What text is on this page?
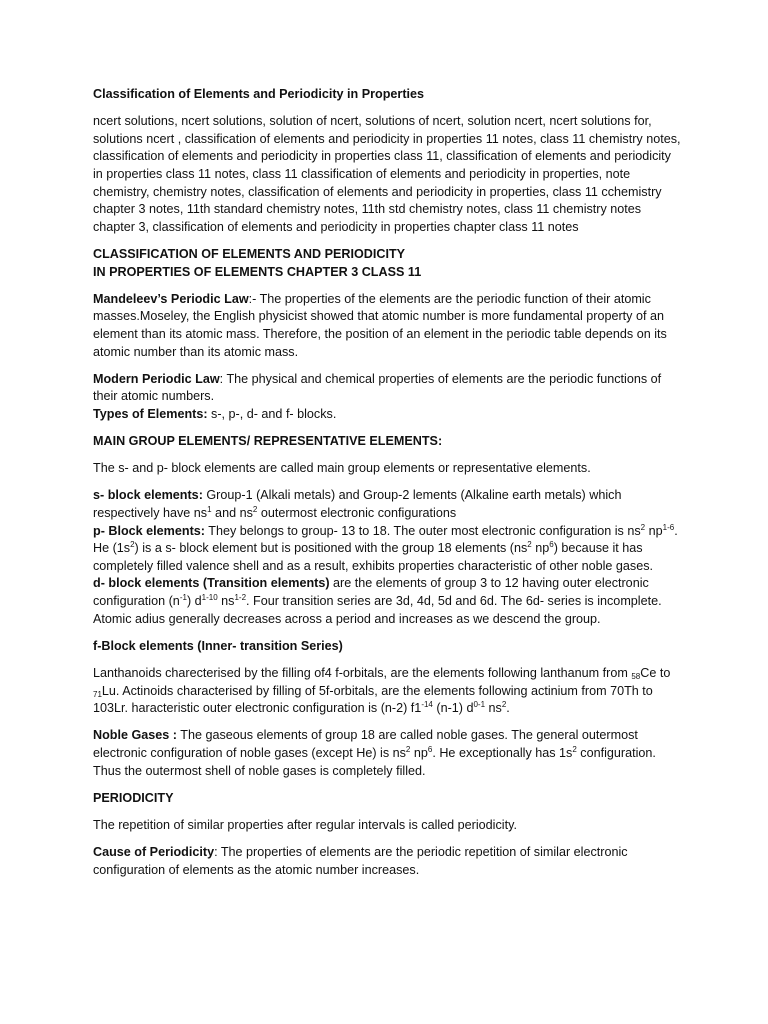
Classification of Elements and Periodicity in Properties

ncert solutions, ncert solutions, solution of ncert, solutions of ncert, solution ncert, ncert solutions for, solutions ncert , classification of elements and periodicity in properties 11 notes, class 11 chemistry notes, classification of elements and periodicity in properties class 11, classification of elements and periodicity in properties class 11 notes, class 11 classification of elements and periodicity in properties, note chemistry, chemistry notes, classification of elements and periodicity in properties, class 11 cchemistry chapter 3 notes, 11th standard chemistry notes, 11th std chemistry notes, class 11 chemistry notes chapter 3, classification of elements and periodicity in properties chapter class 11 notes

CLASSIFICATION OF ELEMENTS AND PERIODICITY
IN PROPERTIES OF ELEMENTS CHAPTER 3 CLASS 11

Mandeleev’s Periodic Law:- The properties of the elements are the periodic function of their atomic masses.Moseley, the English physicist showed that atomic number is more fundamental property of an element than its atomic mass. Therefore, the position of an element in the periodic table depends on its atomic number than its atomic mass.

Modern Periodic Law: The physical and chemical properties of elements are the periodic functions of their atomic numbers.
Types of Elements: s-, p-, d- and f- blocks.

MAIN GROUP ELEMENTS/ REPRESENTATIVE ELEMENTS:

The s- and p- block elements are called main group elements or representative elements.

s- block elements: Group-1 (Alkali metals) and Group-2 lements (Alkaline earth metals) which respectively have $ns^1$ and $ns^2$ outermost electronic configurations
p- Block elements: They belongs to group- 13 to 18. The outer most electronic configuration is $ns^2$ $np^{1-6}$. He $(1s^2)$ is a s- block element but is positioned with the group 18 elements ($ns^2$ $np^6$) because it has completely filled valence shell and as a result, exhibits properties characteristic of other noble gases.
d- block elements (Transition elements) are the elements of group 3 to 12 having outer electronic configuration $(n^{-1})$ $d^{1-10}$ $ns^{1-2}$. Four transition series are 3d, 4d, 5d and 6d. The 6d- series is incomplete. Atomic adius generally decreases across a period and increases as we descend the group.

f-Block elements (Inner- transition Series)

Lanthanoids charecterised by the filling of4 f-orbitals, are the elements following lanthanum from $_{58}$Ce to $_{71}$Lu. Actinoids characterised by filling of 5f-orbitals, are the elements following actinium from 70Th to 103Lr. haracteristic outer electronic configuration is (n-2) $f1^{-14}$ (n-1) $d^{0-1}$ $ns^2$.

Noble Gases : The gaseous elements of group 18 are called noble gases. The general outermost electronic configuration of noble gases (except He) is $ns^2$ $np^6$. He exceptionally has $1s^2$ configuration. Thus the outermost shell of noble gases is completely filled.

PERIODICITY

The repetition of similar properties after regular intervals is called periodicity.

Cause of Periodicity: The properties of elements are the periodic repetition of similar electronic configuration of elements as the atomic number increases.
